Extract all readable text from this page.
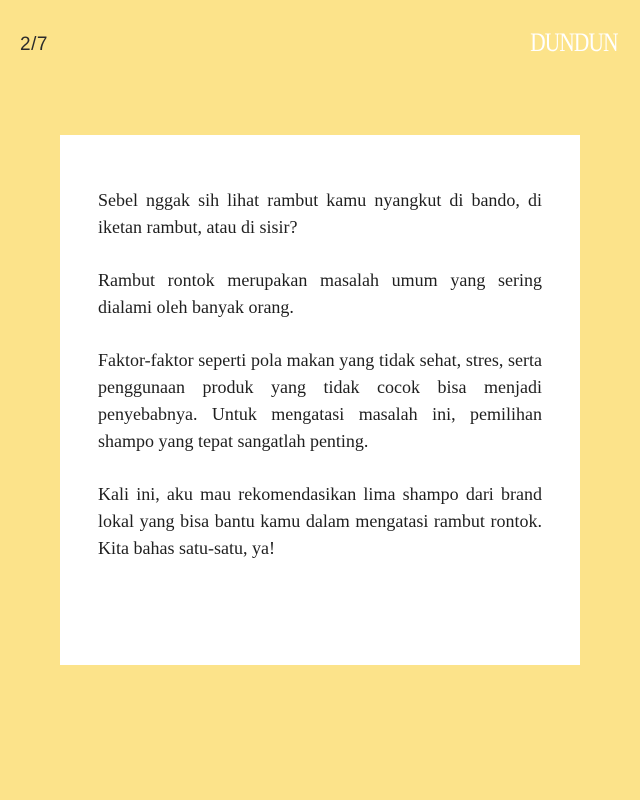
2/7	DUNDUN

Sebel nggak sih lihat rambut kamu nyangkut di bando, di iketan rambut, atau di sisir?

Rambut rontok merupakan masalah umum yang sering dialami oleh banyak orang.

Faktor-faktor seperti pola makan yang tidak sehat, stres, serta penggunaan produk yang tidak cocok bisa menjadi penyebabnya. Untuk mengatasi masalah ini, pemilihan shampo yang tepat sangatlah penting.

Kali ini, aku mau rekomendasikan lima shampo dari brand lokal yang bisa bantu kamu dalam mengatasi rambut rontok. Kita bahas satu-satu, ya!
